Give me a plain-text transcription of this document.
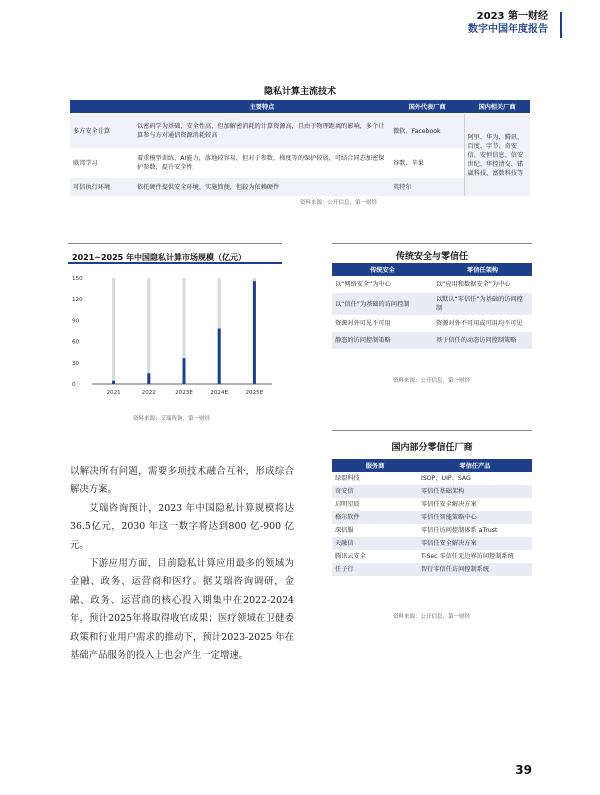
2023 第一财经
数字中国年度报告
隐私计算主流技术
	主要特点	国外代表厂商	国内相关厂商
多方安全计算	以密码学为基础，安全性高，但加解密消耗的计算资源高，且由于物理距离的影响，多个计算参与方对通信资源消耗较高	微软、Facebook	阿里、华为、腾讯、百度、字节、奇安信、安恒信息、信安世纪、华控清交、锘崴科技、富数科技等
联邦学习	着重模型训练、AI能力，落地较容易，但对于参数、梯度等的保护较弱，可结合同态加密保护参数，提升安全性	谷歌、苹果	
可信执行环境	依托硬件提供安全环境，实施简便，但较为依赖硬件	英特尔	
资料来源：公开信息，第一财经
2021~2025 年中国隐私计算市场规模（亿元）
0
30
60
90
120
150
2021	2022	2023E	2024E	2025E
资料来源：艾瑞咨询，第一财经
传统安全与零信任
传统安全	零信任架构
以“网络安全”为中心	以“应用和数据安全”为中心
以“信任”为基础的访问控制	以默认“零信任”为基础的访问控制
资源对外可见不可用	资源对外不可用或可用均不可见
静态的访问控制策略	基于信任的动态访问控制策略
资料来源：公开信息，第一财经
国内部分零信任厂商
服务商	零信任产品
绿盟科技	ISOP、UIP、SAG
奇安信	零信任基础架构
启明星辰	零信任安全解决方案
格尔软件	零信任智能策略中心
深信服	零信任访问控制体系 aTrust
天融信	零信任安全解决方案
腾讯云安全	T-Sec 零信任无边界访问控制系统
任子行	智行零信任访问控制系统
资料来源：公开信息，第一财经

以解决所有问题，需要多项技术融合互补，形成综合解决方案。

艾瑞咨询预计，2023 年中国隐私计算规模将达36.5亿元，2030 年这一数字将达到800 亿-900 亿元。

下游应用方面，目前隐私计算应用最多的领域为金融、政务、运营商和医疗。据艾瑞咨询调研，金融、政务、运营商的核心投入期集中在2022-2024 年，预计2025年将取得收官成果；医疗领域在卫健委政策和行业用户需求的推动下，预计2023-2025 年在基础产品服务的投入上也会产生一定增速。

39
